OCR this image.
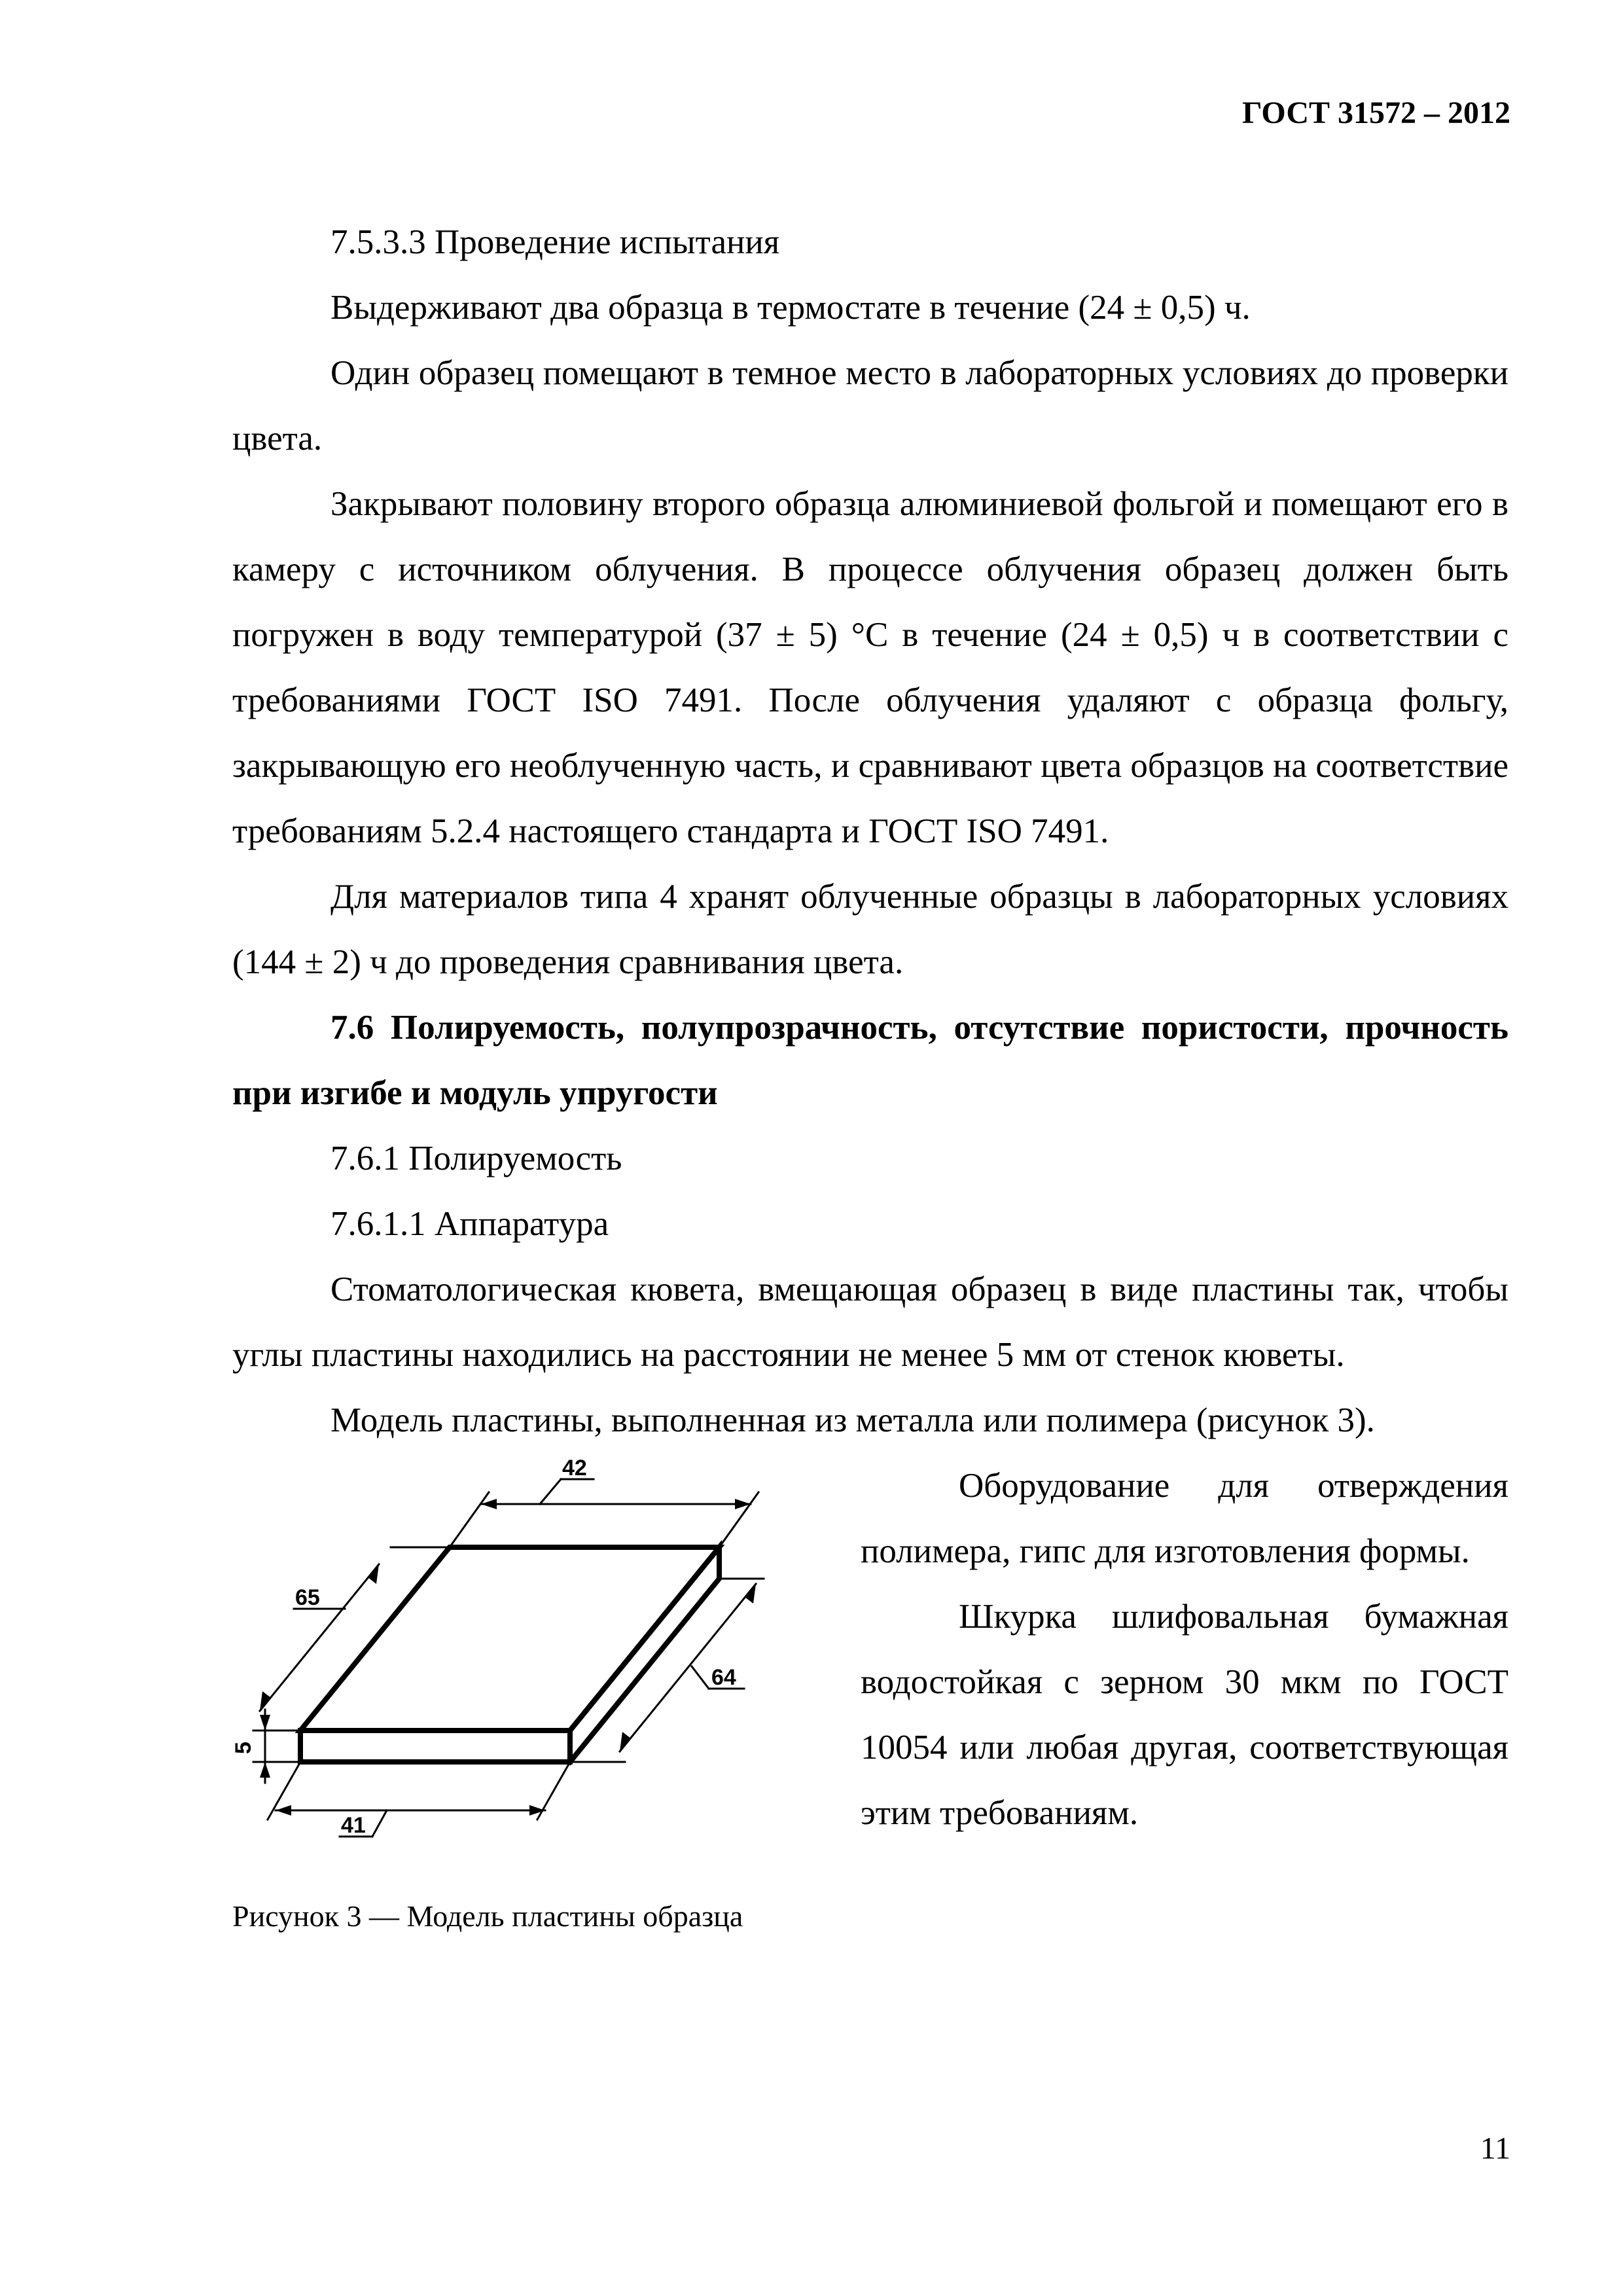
ГОСТ 31572 – 2012

7.5.3.3 Проведение испытания

Выдерживают два образца в термостате в течение (24 ± 0,5) ч.

Один образец помещают в темное место в лабораторных условиях до проверки цвета.

Закрывают половину второго образца алюминиевой фольгой и помещают его в камеру с источником облучения. В процессе облучения образец должен быть погружен в воду температурой (37 ± 5) °С в течение (24 ± 0,5) ч в соответствии с требованиями ГОСТ ISO 7491. После облучения удаляют с образца фольгу, закрывающую его необлученную часть, и сравнивают цвета образцов на соответствие требованиям 5.2.4 настоящего стандарта и ГОСТ ISO 7491.

Для материалов типа 4 хранят облученные образцы в лабораторных условиях (144 ± 2) ч до проведения сравнивания цвета.

7.6 Полируемость, полупрозрачность, отсутствие пористости, прочность при изгибе и модуль упругости

7.6.1 Полируемость

7.6.1.1 Аппаратура

Стоматологическая кювета, вмещающая образец в виде пластины так, чтобы углы пластины находились на расстоянии не менее 5 мм от стенок кюветы.

Модель пластины, выполненная из металла или полимера (рисунок 3).

42
65
64
41
5
Рисунок 3 — Модель пластины образца

Оборудование для отверждения полимера, гипс для изготовления формы.

Шкурка шлифовальная бумажная водостойкая с зерном 30 мкм по ГОСТ 10054 или любая другая, соответствующая этим требованиям.

11
